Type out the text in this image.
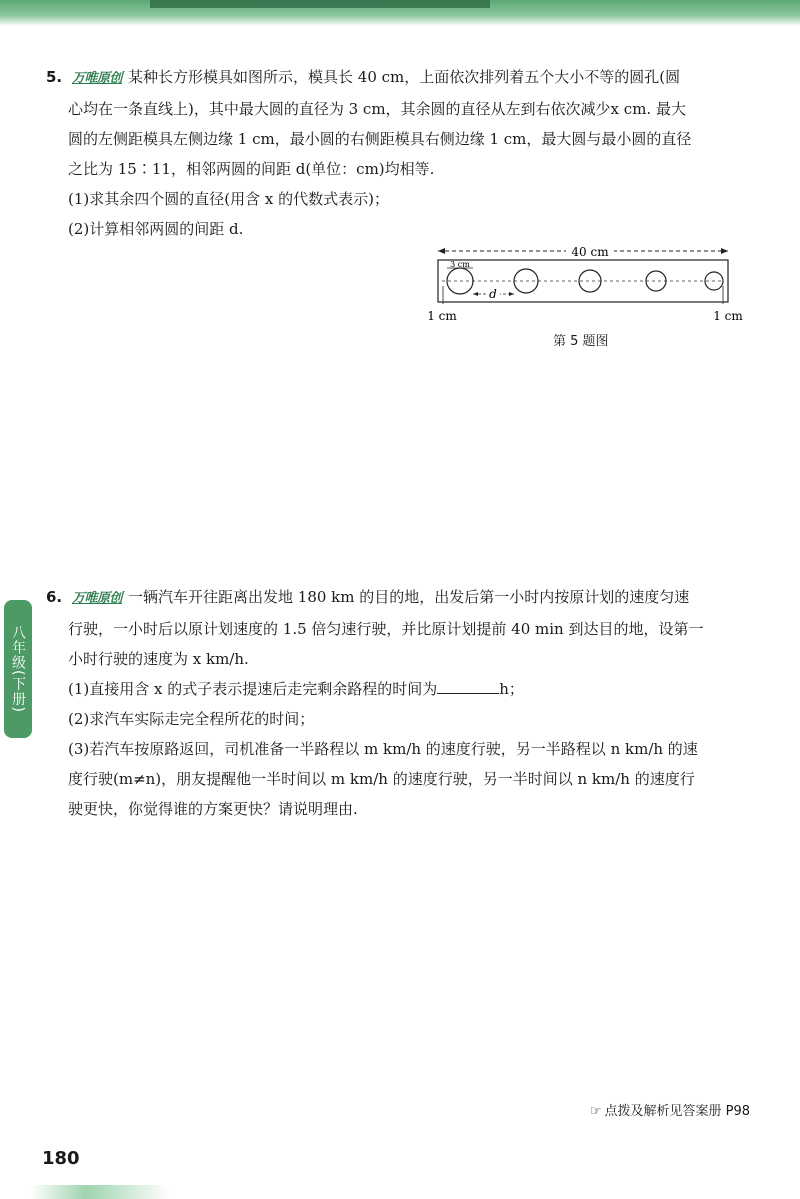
5. 万唯原创 某种长方形模具如图所示，模具长 40 cm，上面依次排列着五个大小不等的圆孔(圆
心均在一条直线上)，其中最大圆的直径为 3 cm，其余圆的直径从左到右依次减少x cm. 最大
圆的左侧距模具左侧边缘 1 cm，最小圆的右侧距模具右侧边缘 1 cm，最大圆与最小圆的直径
之比为 15∶11，相邻两圆的间距 d(单位：cm)均相等.
(1)求其余四个圆的直径(用含 x 的代数式表示)；
(2)计算相邻两圆的间距 d.
40 cm
3 cm
d
1 cm	1 cm
第 5 题图
八年级(下册)
6. 万唯原创 一辆汽车开往距离出发地 180 km 的目的地，出发后第一小时内按原计划的速度匀速
行驶，一小时后以原计划速度的 1.5 倍匀速行驶，并比原计划提前 40 min 到达目的地，设第一
小时行驶的速度为 x km/h.
(1)直接用含 x 的式子表示提速后走完剩余路程的时间为	h；
(2)求汽车实际走完全程所花的时间；
(3)若汽车按原路返回，司机准备一半路程以 m km/h 的速度行驶，另一半路程以 n km/h 的速
度行驶(m≠n)，朋友提醒他一半时间以 m km/h 的速度行驶，另一半时间以 n km/h 的速度行
驶更快，你觉得谁的方案更快？请说明理由.
☞ 点拨及解析见答案册 P98
180
